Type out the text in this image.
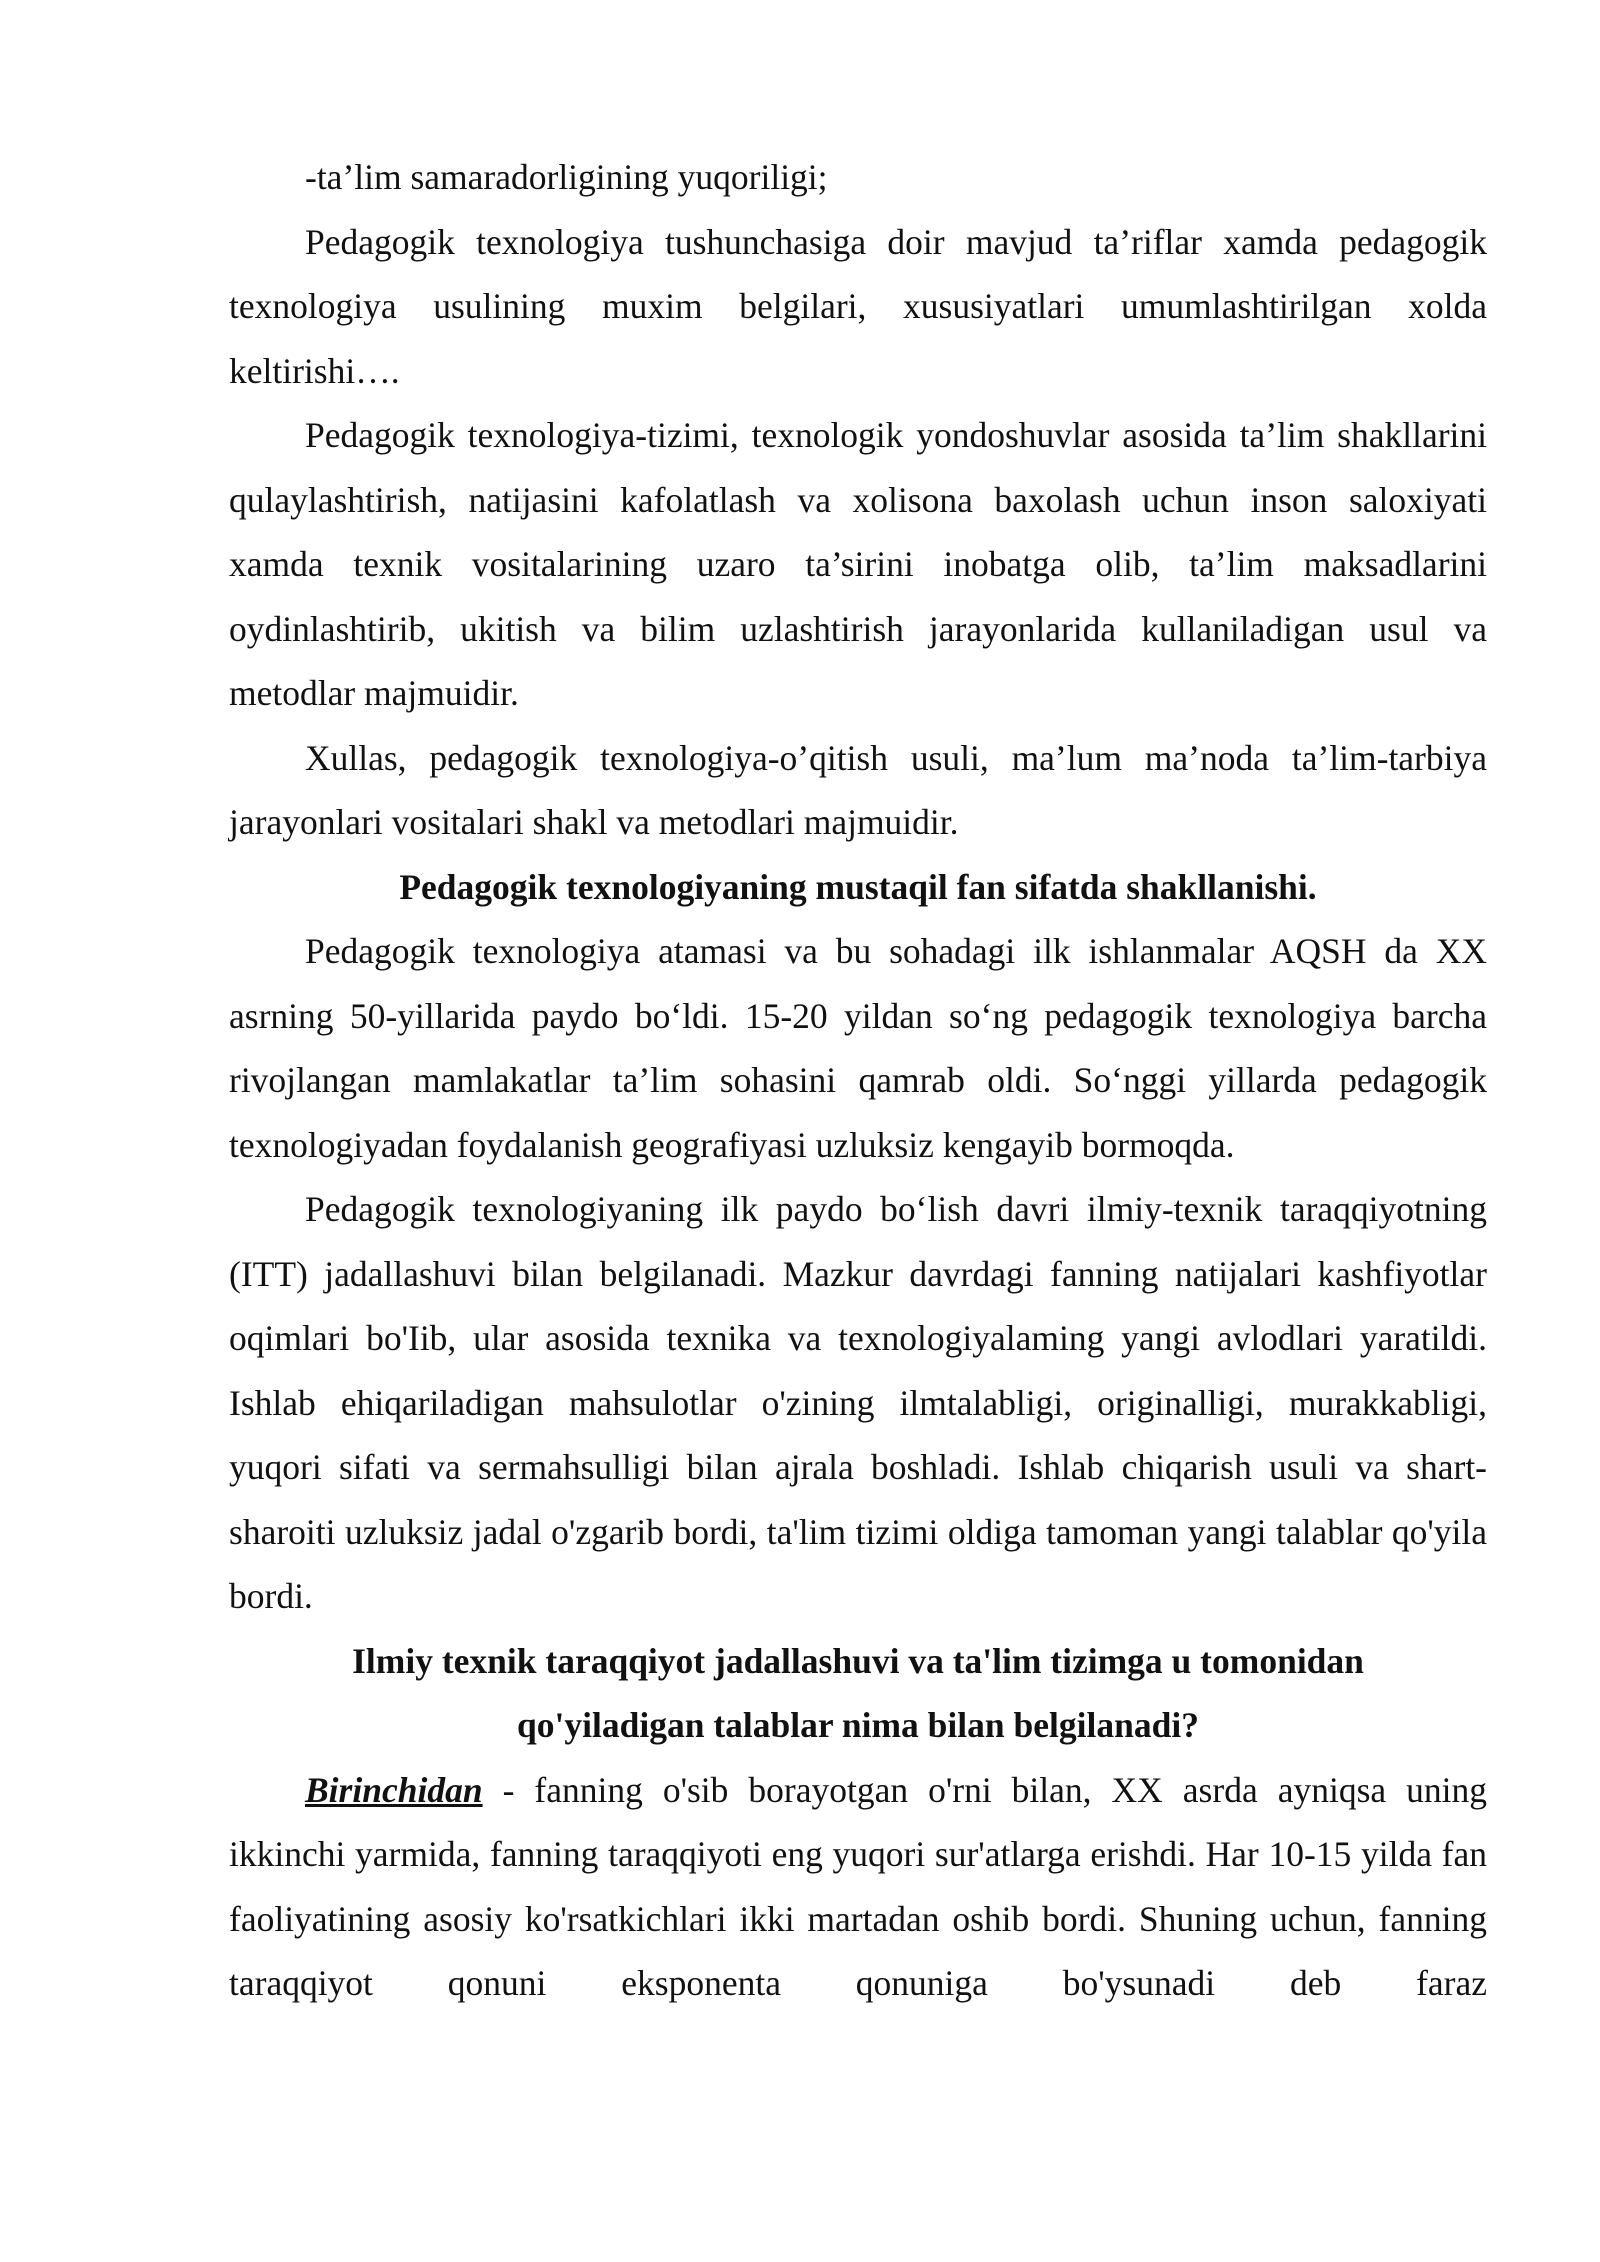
-ta’lim samaradorligining yuqoriligi;

Pedagogik texnologiya tushunchasiga doir mavjud ta’riflar xamda pedagogik texnologiya usulining muxim belgilari, xususiyatlari umumlashtirilgan xolda keltirishi….

Pedagogik texnologiya-tizimi, texnologik yondoshuvlar asosida ta’lim shakllarini qulaylashtirish, natijasini kafolatlash va xolisona baxolash uchun inson saloxiyati xamda texnik vositalarining uzaro ta’sirini inobatga olib, ta’lim maksadlarini oydinlashtirib, ukitish va bilim uzlashtirish jarayonlarida kullaniladigan usul va metodlar majmuidir.

Xullas, pedagogik texnologiya-o’qitish usuli, ma’lum ma’noda ta’lim-tarbiya jarayonlari vositalari shakl va metodlari majmuidir.

Pedagogik texnologiyaning mustaqil fan sifatda shakllanishi.

Pedagogik texnologiya atamasi va bu sohadagi ilk ishlanmalar AQSH da XX asrning 50-yillarida paydo bo‘ldi. 15-20 yildan so‘ng pedagogik texnologiya barcha rivojlangan mamlakatlar ta’lim sohasini qamrab oldi. So‘nggi yillarda pedagogik texnologiyadan foydalanish geografiyasi uzluksiz kengayib bormoqda.

Pedagogik texnologiyaning ilk paydo bo‘lish davri ilmiy-texnik taraqqiyotning (ITT) jadallashuvi bilan belgilanadi. Mazkur davrdagi fanning natijalari kashfiyotlar oqimlari bo'Iib, ular asosida texnika va texnologiyalaming yangi avlodlari yaratildi. Ishlab ehiqariladigan mahsulotlar o'zining ilmtalabligi, originalligi, murakkabligi, yuqori sifati va sermahsulligi bilan ajrala boshladi. Ishlab chiqarish usuli va shart-sharoiti uzluksiz jadal o'zgarib bordi, ta'lim tizimi oldiga tamoman yangi talablar qo'yila bordi.

Ilmiy texnik taraqqiyot jadallashuvi va ta'lim tizimga u tomonidan
qo'yiladigan talablar nima bilan belgilanadi?

Birinchidan - fanning o'sib borayotgan o'rni bilan, XX asrda ayniqsa uning ikkinchi yarmida, fanning taraqqiyoti eng yuqori sur'atlarga erishdi. Har 10-15 yilda fan faoliyatining asosiy ko'rsatkichlari ikki martadan oshib bordi. Shuning uchun, fanning taraqqiyot qonuni eksponenta qonuniga bo'ysunadi deb faraz
